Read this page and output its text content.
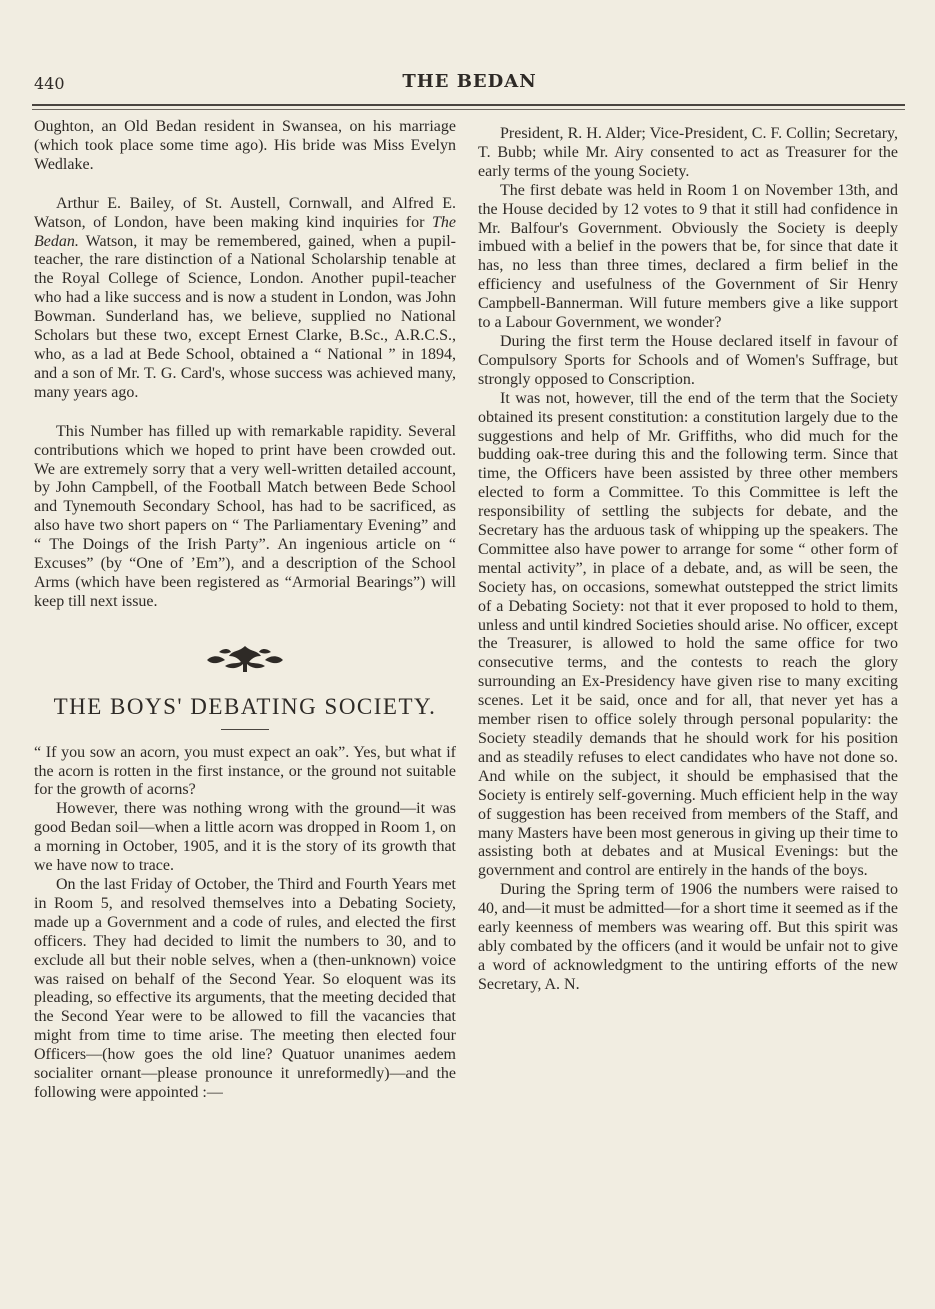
440	THE BEDAN

Oughton, an Old Bedan resident in Swansea, on his marriage (which took place some time ago). His bride was Miss Evelyn Wedlake.

Arthur E. Bailey, of St. Austell, Cornwall, and Alfred E. Watson, of London, have been making kind inquiries for The Bedan. Watson, it may be remembered, gained, when a pupil-teacher, the rare distinction of a National Scholarship tenable at the Royal College of Science, London. Another pupil-teacher who had a like success and is now a student in London, was John Bowman. Sunderland has, we believe, supplied no National Scholars but these two, except Ernest Clarke, B.Sc., A.R.C.S., who, as a lad at Bede School, obtained a “ National ” in 1894, and a son of Mr. T. G. Card's, whose success was achieved many, many years ago.

This Number has filled up with remarkable rapidity. Several contributions which we hoped to print have been crowded out. We are extremely sorry that a very well-written detailed account, by John Campbell, of the Football Match between Bede School and Tynemouth Secondary School, has had to be sacrificed, as also have two short papers on “ The Parliamentary Evening” and “ The Doings of the Irish Party”. An ingenious article on “ Excuses” (by “One of ’Em”), and a description of the School Arms (which have been registered as “Armorial Bearings”) will keep till next issue.

THE BOYS' DEBATING SOCIETY.

“ If you sow an acorn, you must expect an oak”. Yes, but what if the acorn is rotten in the first instance, or the ground not suitable for the growth of acorns?

However, there was nothing wrong with the ground—it was good Bedan soil—when a little acorn was dropped in Room 1, on a morning in October, 1905, and it is the story of its growth that we have now to trace.

On the last Friday of October, the Third and Fourth Years met in Room 5, and resolved themselves into a Debating Society, made up a Government and a code of rules, and elected the first officers. They had decided to limit the numbers to 30, and to exclude all but their noble selves, when a (then-unknown) voice was raised on behalf of the Second Year. So eloquent was its pleading, so effective its arguments, that the meeting decided that the Second Year were to be allowed to fill the vacancies that might from time to time arise. The meeting then elected four Officers—(how goes the old line? Quatuor unanimes aedem socialiter ornant—please pronounce it unreformedly)—and the following were appointed :—

President, R. H. Alder; Vice-President, C. F. Collin; Secretary, T. Bubb; while Mr. Airy consented to act as Treasurer for the early terms of the young Society.

The first debate was held in Room 1 on November 13th, and the House decided by 12 votes to 9 that it still had confidence in Mr. Balfour's Government. Obviously the Society is deeply imbued with a belief in the powers that be, for since that date it has, no less than three times, declared a firm belief in the efficiency and usefulness of the Government of Sir Henry Campbell-Bannerman. Will future members give a like support to a Labour Government, we wonder?

During the first term the House declared itself in favour of Compulsory Sports for Schools and of Women's Suffrage, but strongly opposed to Conscription.

It was not, however, till the end of the term that the Society obtained its present constitution: a constitution largely due to the suggestions and help of Mr. Griffiths, who did much for the budding oak-tree during this and the following term. Since that time, the Officers have been assisted by three other members elected to form a Committee. To this Committee is left the responsibility of settling the subjects for debate, and the Secretary has the arduous task of whipping up the speakers. The Committee also have power to arrange for some “ other form of mental activity”, in place of a debate, and, as will be seen, the Society has, on occasions, somewhat outstepped the strict limits of a Debating Society: not that it ever proposed to hold to them, unless and until kindred Societies should arise. No officer, except the Treasurer, is allowed to hold the same office for two consecutive terms, and the contests to reach the glory surrounding an Ex-Presidency have given rise to many exciting scenes. Let it be said, once and for all, that never yet has a member risen to office solely through personal popularity: the Society steadily demands that he should work for his position and as steadily refuses to elect candidates who have not done so. And while on the subject, it should be emphasised that the Society is entirely self-governing. Much efficient help in the way of suggestion has been received from members of the Staff, and many Masters have been most generous in giving up their time to assisting both at debates and at Musical Evenings: but the government and control are entirely in the hands of the boys.

During the Spring term of 1906 the numbers were raised to 40, and—it must be admitted—for a short time it seemed as if the early keenness of members was wearing off. But this spirit was ably combated by the officers (and it would be unfair not to give a word of acknowledgment to the untiring efforts of the new Secretary, A. N.
